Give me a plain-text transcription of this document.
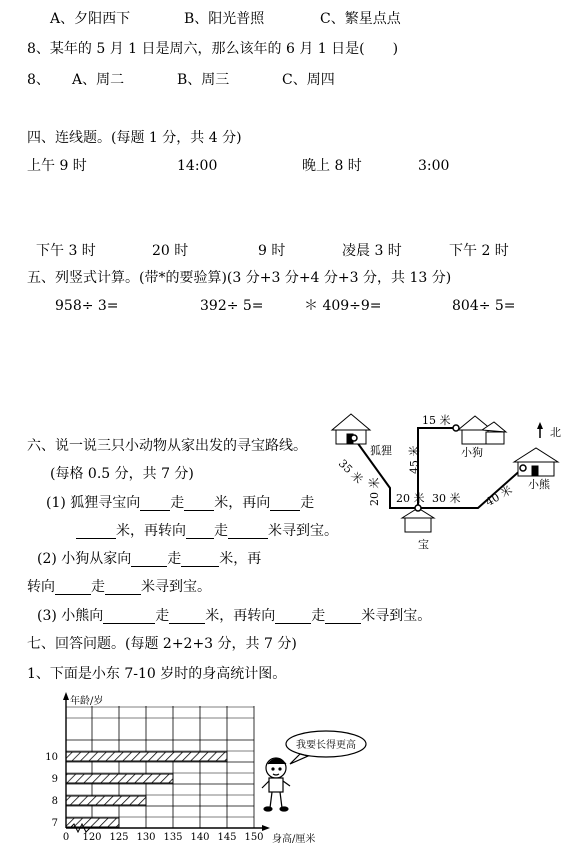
A、夕阳西下	B、阳光普照	C、繁星点点
8、某年的 5 月 1 日是周六，那么该年的 6 月 1 日是(　　)
8、 A、周二	B、周三	C、周四
四、连线题。(每题 1 分，共 4 分)
上午 9 时	14:00	晚上 8 时	3:00
下午 3 时	20 时	9 时	凌晨 3 时	下午 2 时
五、列竖式计算。(带*的要验算)(3 分+3 分+4 分+3 分，共 13 分)
958÷ 3=	392÷ 5=	＊ 409÷9=	804÷ 5=
六、说一说三只小动物从家出发的寻宝路线。
(每格 0.5 分，共 7 分)
(1) 狐狸寻宝向 走 米，再向 走
米，再转向 走	米寻到宝。
(2) 小狗从家向	走	米，再
转向	走	米寻到宝。
(3) 小熊向	走	米，再转向	走	米寻到宝。
北
狐狸	小狗
小熊
宝
35 米
20 米 20 米
45 米
15 米
30 米 40 米
七、回答问题。(每题 2+2+3 分，共 7 分)
1、下面是小东 7-10 岁时的身高统计图。
10
9
8
7
0 120 125 130 135 140 145 150
年龄/岁
身高/厘米
我要长得更高
